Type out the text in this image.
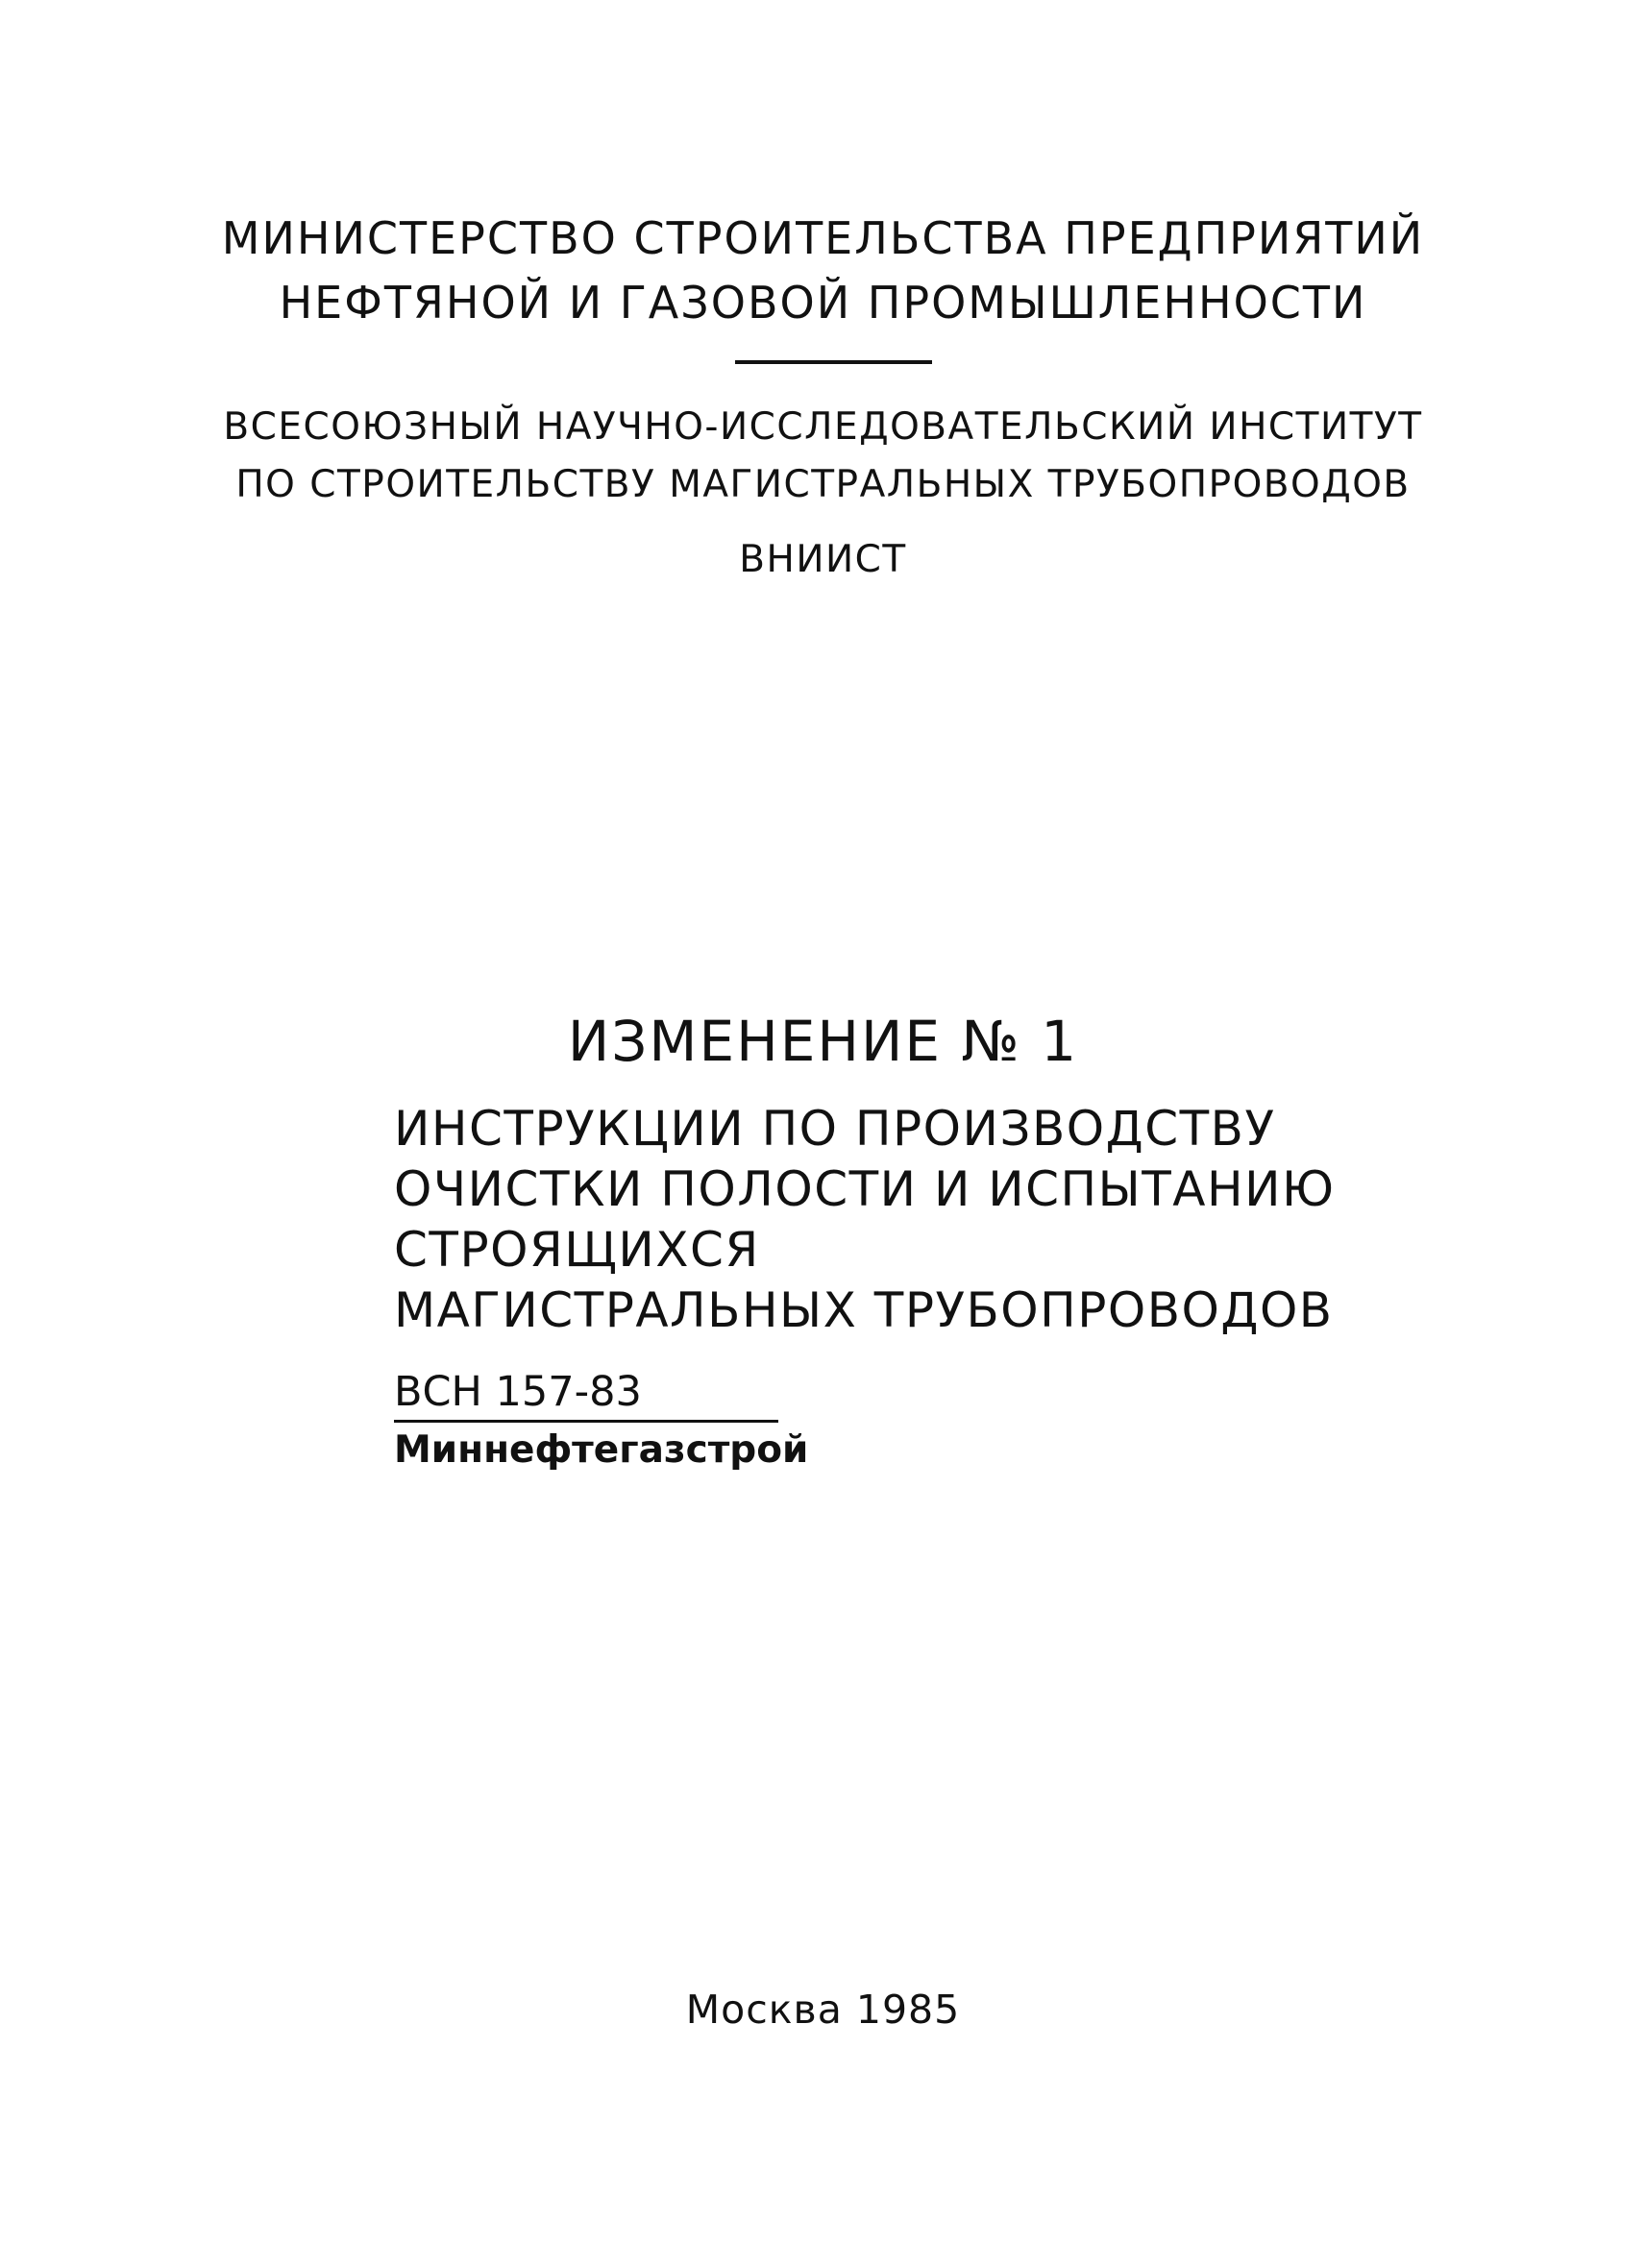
МИНИСТЕРСТВО СТРОИТЕЛЬСТВА ПРЕДПРИЯТИЙ
НЕФТЯНОЙ И ГАЗОВОЙ ПРОМЫШЛЕННОСТИ
ВСЕСОЮЗНЫЙ НАУЧНО-ИССЛЕДОВАТЕЛЬСКИЙ ИНСТИТУТ
ПО СТРОИТЕЛЬСТВУ МАГИСТРАЛЬНЫХ ТРУБОПРОВОДОВ
ВНИИСТ
ИЗМЕНЕНИЕ № 1
ИНСТРУКЦИИ ПО ПРОИЗВОДСТВУ
ОЧИСТКИ ПОЛОСТИ И ИСПЫТАНИЮ
СТРОЯЩИХСЯ
МАГИСТРАЛЬНЫХ ТРУБОПРОВОДОВ
ВСН 157-83
Миннефтегазстрой
Москва 1985
